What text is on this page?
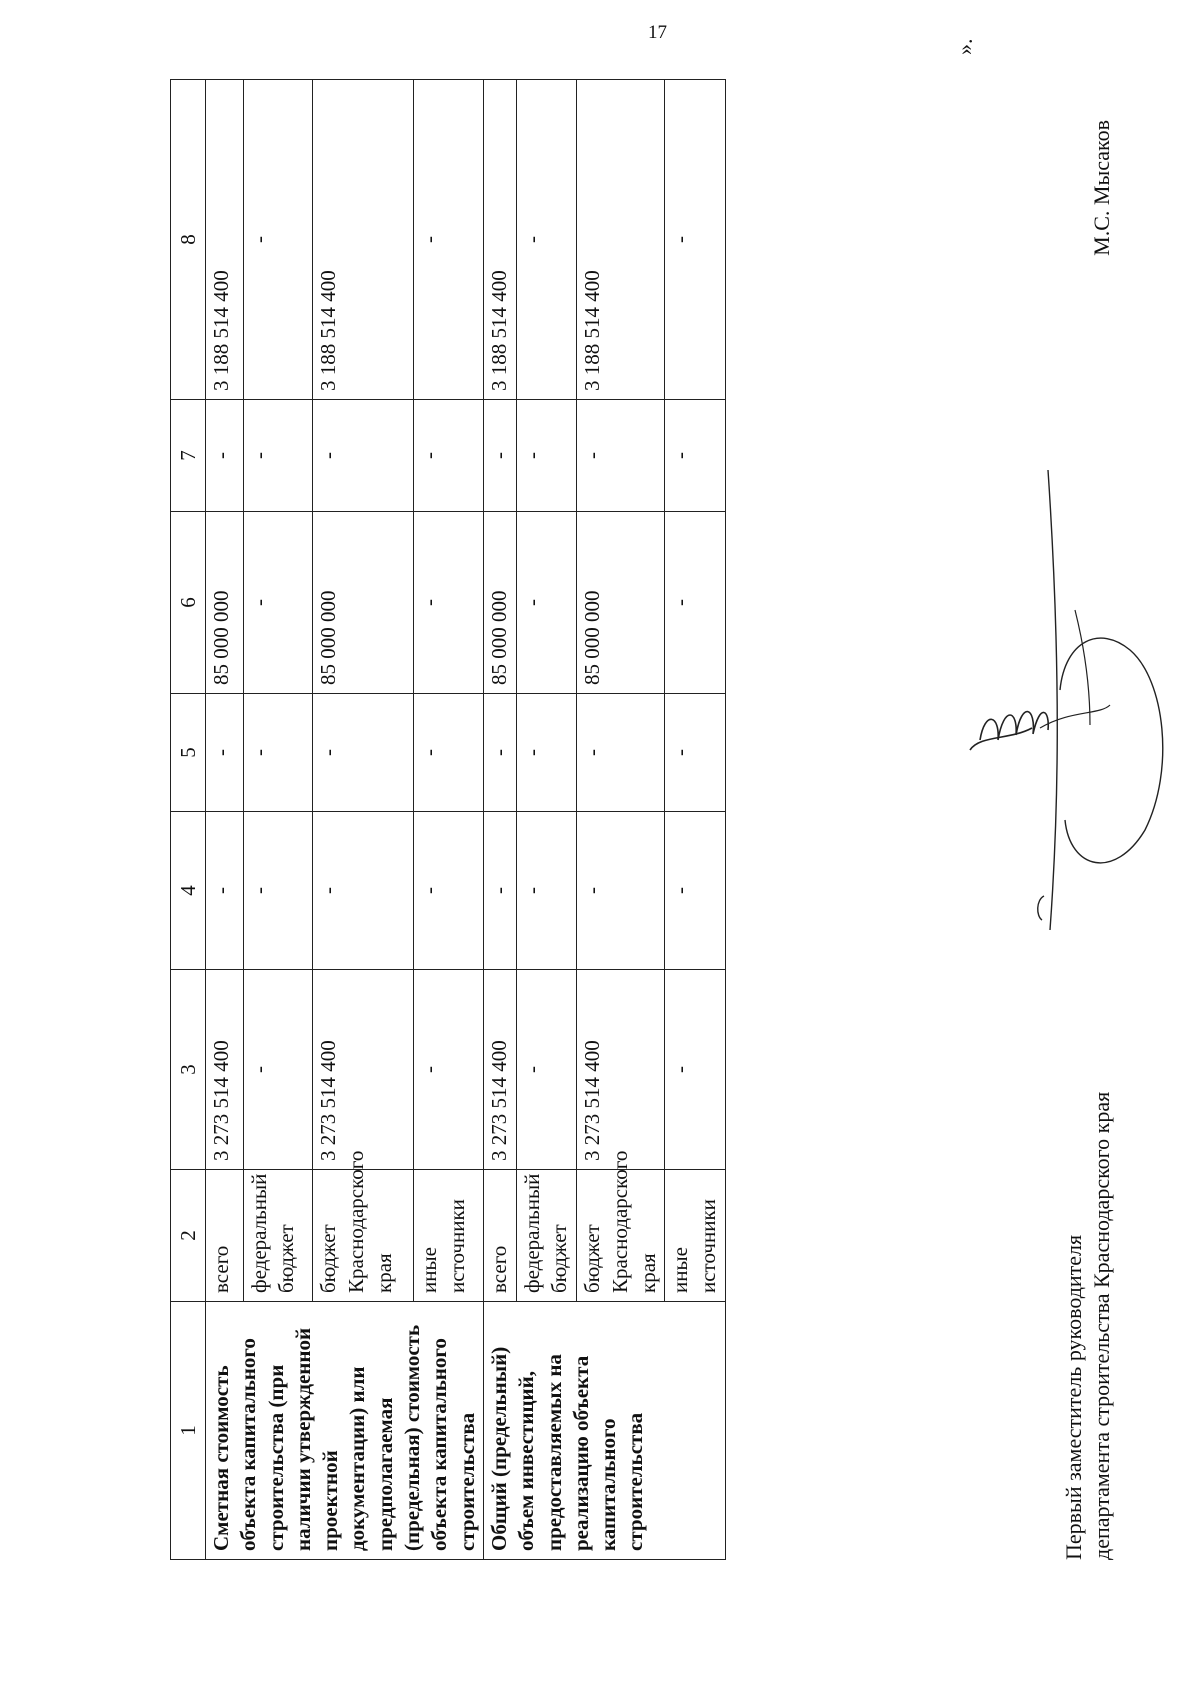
17
1	2	3	4	5	6	7	8
Сметная стоимость объекта капитального строительства (при наличии утвержденной проектной документации) или предполагаемая (предельная) стоимость объекта капитального строительства	всего	3 273 514 400	-	-	85 000 000	-	3 188 514 400
	федеральный бюджет	-	-	-	-	-	-
	бюджет Краснодарского края	3 273 514 400	-	-	85 000 000	-	3 188 514 400
	иные источники	-	-	-	-	-	-
Общий (предельный) объем инвестиций, предоставляемых на реализацию объекта капитального строительства	всего	3 273 514 400	-	-	85 000 000	-	3 188 514 400
	федеральный бюджет	-	-	-	-	-	-
	бюджет Краснодарского края	3 273 514 400	-	-	85 000 000	-	3 188 514 400
	иные источники	-	-	-	-	-	-
».
Первый заместитель руководителя департамента строительства Краснодарского края
М.С. Мысаков
